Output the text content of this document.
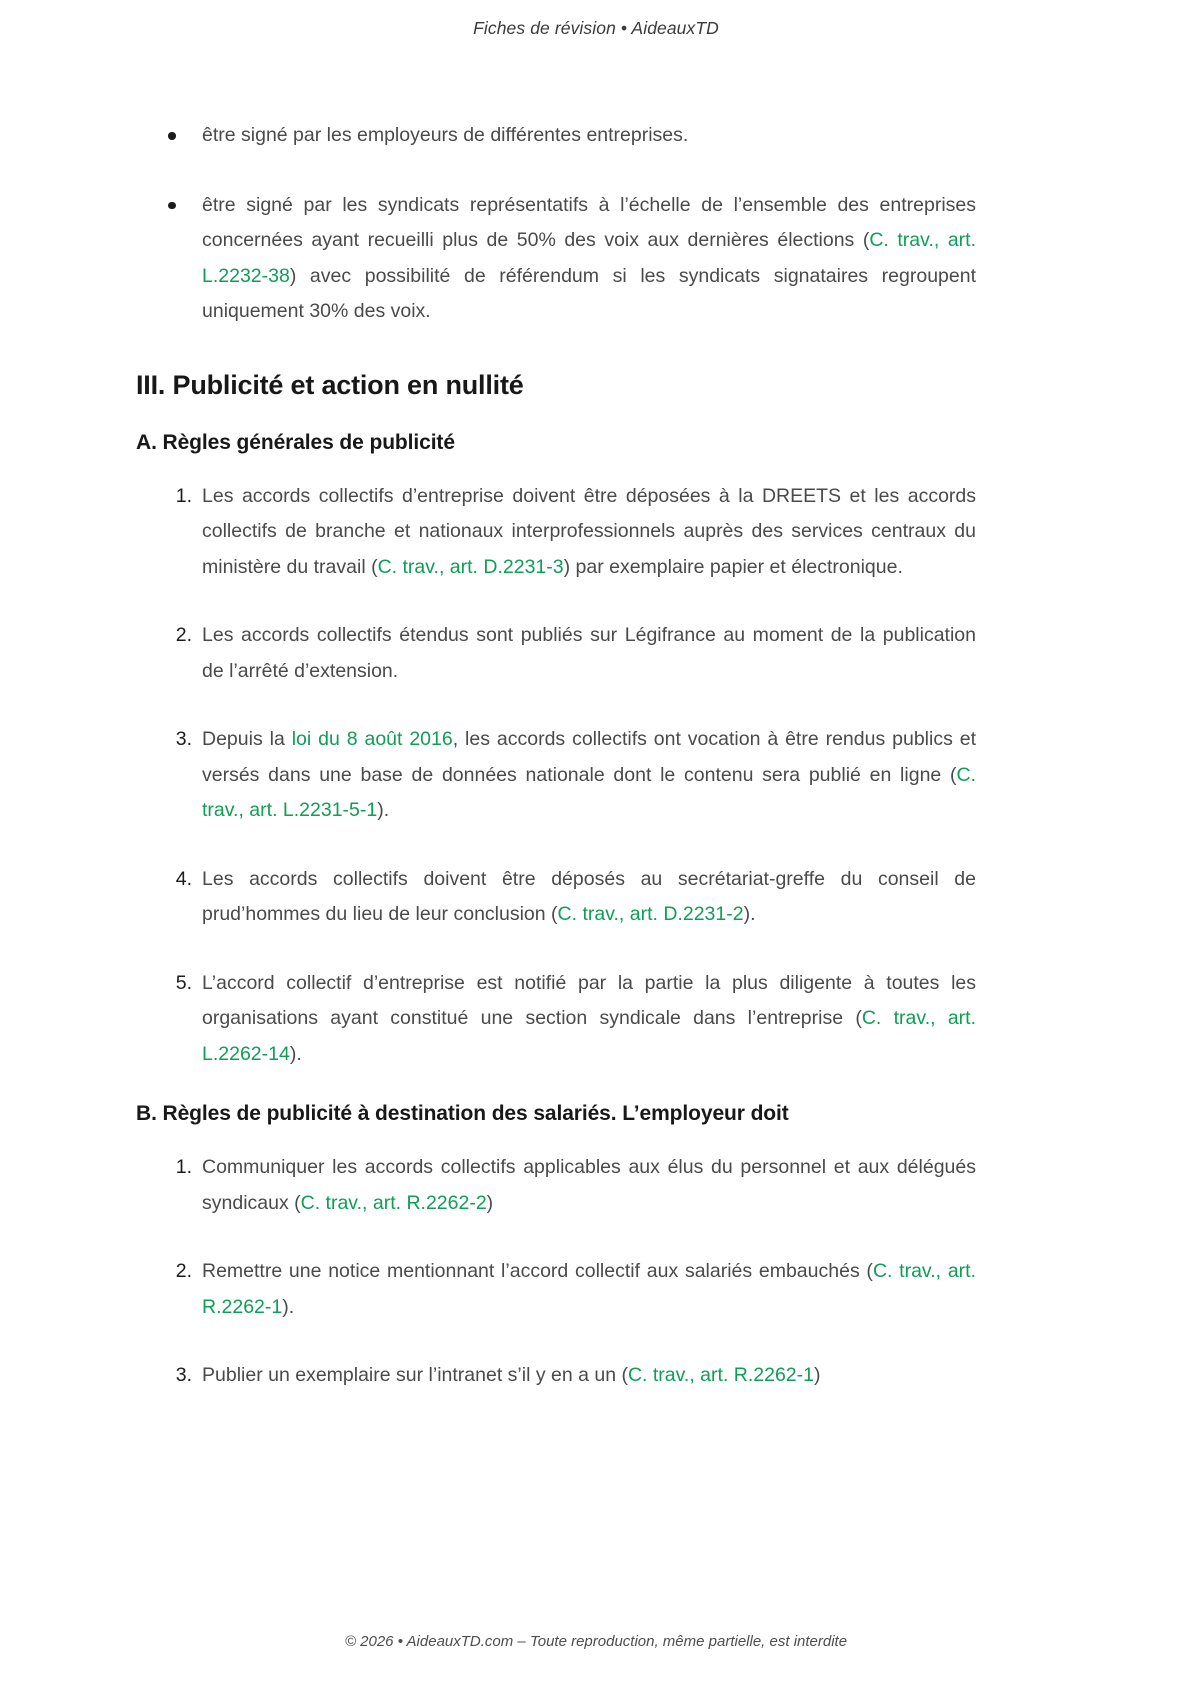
Fiches de révision • AideauxTD
être signé par les employeurs de différentes entreprises.
être signé par les syndicats représentatifs à l’échelle de l’ensemble des entreprises concernées ayant recueilli plus de 50% des voix aux dernières élections (C. trav., art. L.2232-38) avec possibilité de référendum si les syndicats signataires regroupent uniquement 30% des voix.
III. Publicité et action en nullité
A. Règles générales de publicité
1. Les accords collectifs d’entreprise doivent être déposées à la DREETS et les accords collectifs de branche et nationaux interprofessionnels auprès des services centraux du ministère du travail (C. trav., art. D.2231-3) par exemplaire papier et électronique.
2. Les accords collectifs étendus sont publiés sur Légifrance au moment de la publication de l’arrêté d’extension.
3. Depuis la loi du 8 août 2016, les accords collectifs ont vocation à être rendus publics et versés dans une base de données nationale dont le contenu sera publié en ligne (C. trav., art. L.2231-5-1).
4. Les accords collectifs doivent être déposés au secrétariat-greffe du conseil de prud’hommes du lieu de leur conclusion (C. trav., art. D.2231-2).
5. L’accord collectif d’entreprise est notifié par la partie la plus diligente à toutes les organisations ayant constitué une section syndicale dans l’entreprise (C. trav., art. L.2262-14).
B. Règles de publicité à destination des salariés. L’employeur doit
1. Communiquer les accords collectifs applicables aux élus du personnel et aux délégués syndicaux (C. trav., art. R.2262-2)
2. Remettre une notice mentionnant l’accord collectif aux salariés embauchés (C. trav., art. R.2262-1).
3. Publier un exemplaire sur l’intranet s’il y en a un (C. trav., art. R.2262-1)
© 2026 • AideauxTD.com – Toute reproduction, même partielle, est interdite
